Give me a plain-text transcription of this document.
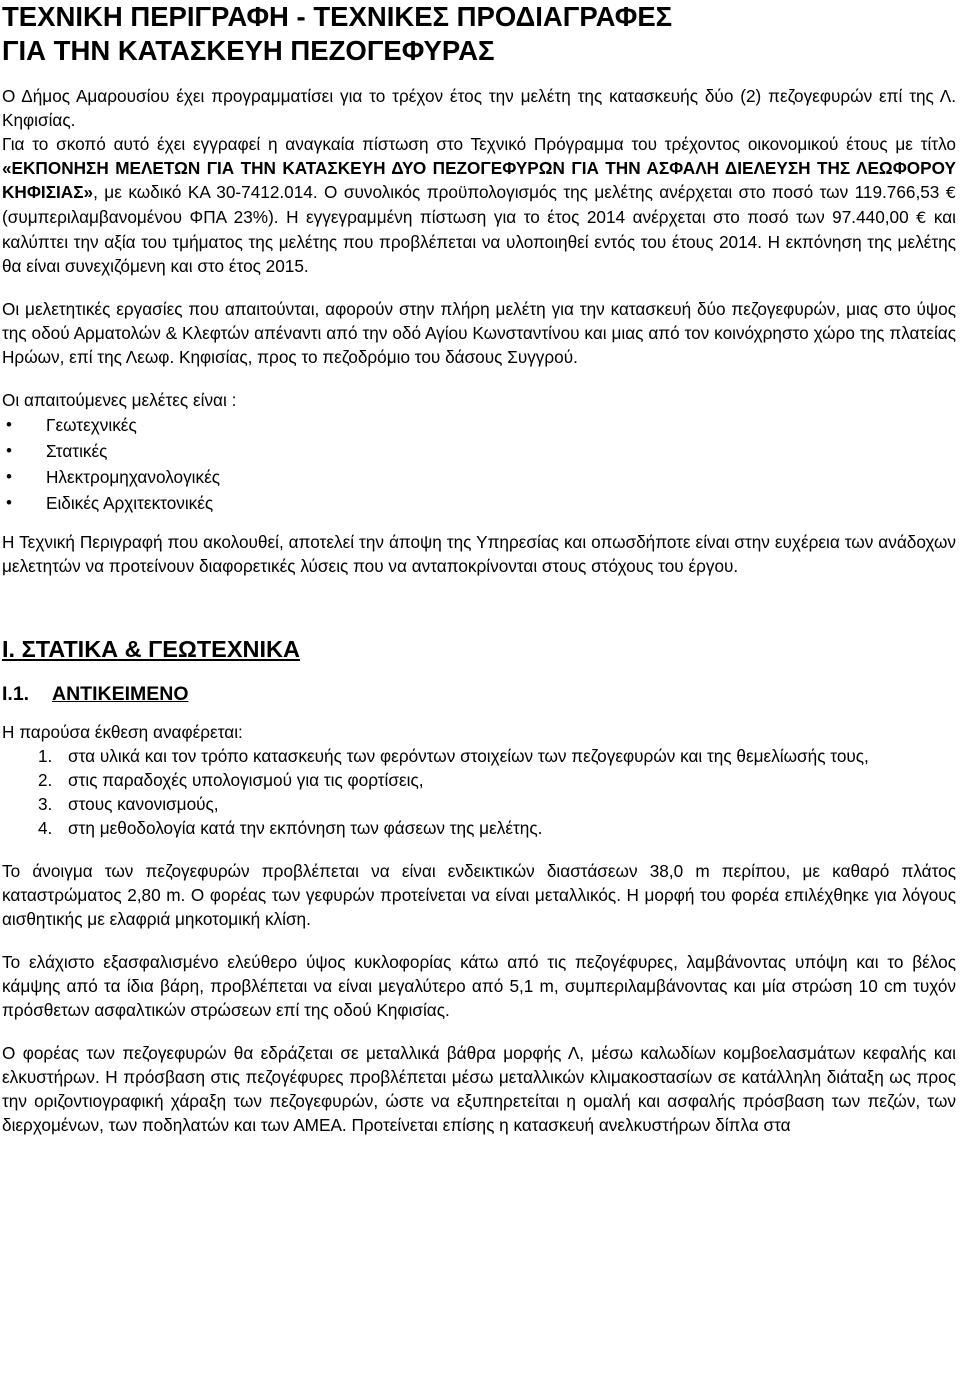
ΤΕΧΝΙΚΗ ΠΕΡΙΓΡΑΦΗ - ΤΕΧΝΙΚΕΣ ΠΡΟΔΙΑΓΡΑΦΕΣ
ΓΙΑ ΤΗΝ ΚΑΤΑΣΚΕΥΗ ΠΕΖΟΓΕΦΥΡΑΣ

Ο Δήμος Αμαρουσίου έχει προγραμματίσει για το τρέχον έτος την μελέτη της κατασκευής δύο (2) πεζογεφυρών επί της Λ. Κηφισίας.

Για το σκοπό αυτό έχει εγγραφεί η αναγκαία πίστωση στο Τεχνικό Πρόγραμμα του τρέχοντος οικονομικού έτους με τίτλο «ΕΚΠΟΝΗΣΗ ΜΕΛΕΤΩΝ ΓΙΑ ΤΗΝ ΚΑΤΑΣΚΕΥΗ ΔΥΟ ΠΕΖΟΓΕΦΥΡΩΝ ΓΙΑ ΤΗΝ ΑΣΦΑΛΗ ΔΙΕΛΕΥΣΗ ΤΗΣ ΛΕΩΦΟΡΟΥ ΚΗΦΙΣΙΑΣ», με κωδικό ΚΑ 30-7412.014. Ο συνολικός προϋπολογισμός της μελέτης ανέρχεται στο ποσό των 119.766,53 € (συμπεριλαμβανομένου ΦΠΑ 23%). Η εγγεγραμμένη πίστωση για το έτος 2014 ανέρχεται στο ποσό των 97.440,00 € και καλύπτει την αξία του τμήματος της μελέτης που προβλέπεται να υλοποιηθεί εντός του έτους 2014. Η εκπόνηση της μελέτης θα είναι συνεχιζόμενη και στο έτος 2015.

Οι μελετητικές εργασίες που απαιτούνται, αφορούν στην πλήρη μελέτη για την κατασκευή δύο πεζογεφυρών, μιας στο ύψος της οδού Αρματολών & Κλεφτών απέναντι από την οδό Αγίου Κωνσταντίνου και μιας από τον κοινόχρηστο χώρο της πλατείας Ηρώων, επί της Λεωφ. Κηφισίας, προς το πεζοδρόμιο του δάσους Συγγρού.

Οι απαιτούμενες μελέτες είναι :

• Γεωτεχνικές
• Στατικές
• Ηλεκτρομηχανολογικές
• Ειδικές Αρχιτεκτονικές

Η Τεχνική Περιγραφή που ακολουθεί, αποτελεί την άποψη της Υπηρεσίας και οπωσδήποτε είναι στην ευχέρεια των ανάδοχων μελετητών να προτείνουν διαφορετικές λύσεις που να ανταποκρίνονται στους στόχους του έργου.

Ι. ΣΤΑΤΙΚΑ & ΓΕΩΤΕΧΝΙΚΑ
Ι.1. ΑΝΤΙΚΕΙΜΕΝΟ

Η παρούσα έκθεση αναφέρεται:

1. στα υλικά και τον τρόπο κατασκευής των φερόντων στοιχείων των πεζογεφυρών και της θεμελίωσής τους,
2. στις παραδοχές υπολογισμού για τις φορτίσεις,
3. στους κανονισμούς,
4. στη μεθοδολογία κατά την εκπόνηση των φάσεων της μελέτης.

Το άνοιγμα των πεζογεφυρών προβλέπεται να είναι ενδεικτικών διαστάσεων 38,0 m περίπου, με καθαρό πλάτος καταστρώματος 2,80 m. Ο φορέας των γεφυρών προτείνεται να είναι μεταλλικός. Η μορφή του φορέα επιλέχθηκε για λόγους αισθητικής με ελαφριά μηκοτομική κλίση.

Το ελάχιστο εξασφαλισμένο ελεύθερο ύψος κυκλοφορίας κάτω από τις πεζογέφυρες, λαμβάνοντας υπόψη και το βέλος κάμψης από τα ίδια βάρη, προβλέπεται να είναι μεγαλύτερο από 5,1 m, συμπεριλαμβάνοντας και μία στρώση 10 cm τυχόν πρόσθετων ασφαλτικών στρώσεων επί της οδού Κηφισίας.

Ο φορέας των πεζογεφυρών θα εδράζεται σε μεταλλικά βάθρα μορφής Λ, μέσω καλωδίων κομβοελασμάτων κεφαλής και ελκυστήρων. Η πρόσβαση στις πεζογέφυρες προβλέπεται μέσω μεταλλικών κλιμακοστασίων σε κατάλληλη διάταξη ως προς την οριζοντιογραφική χάραξη των πεζογεφυρών, ώστε να εξυπηρετείται η ομαλή και ασφαλής πρόσβαση των πεζών, των διερχομένων, των ποδηλατών και των ΑΜΕΑ. Προτείνεται επίσης η κατασκευή ανελκυστήρων δίπλα στα
